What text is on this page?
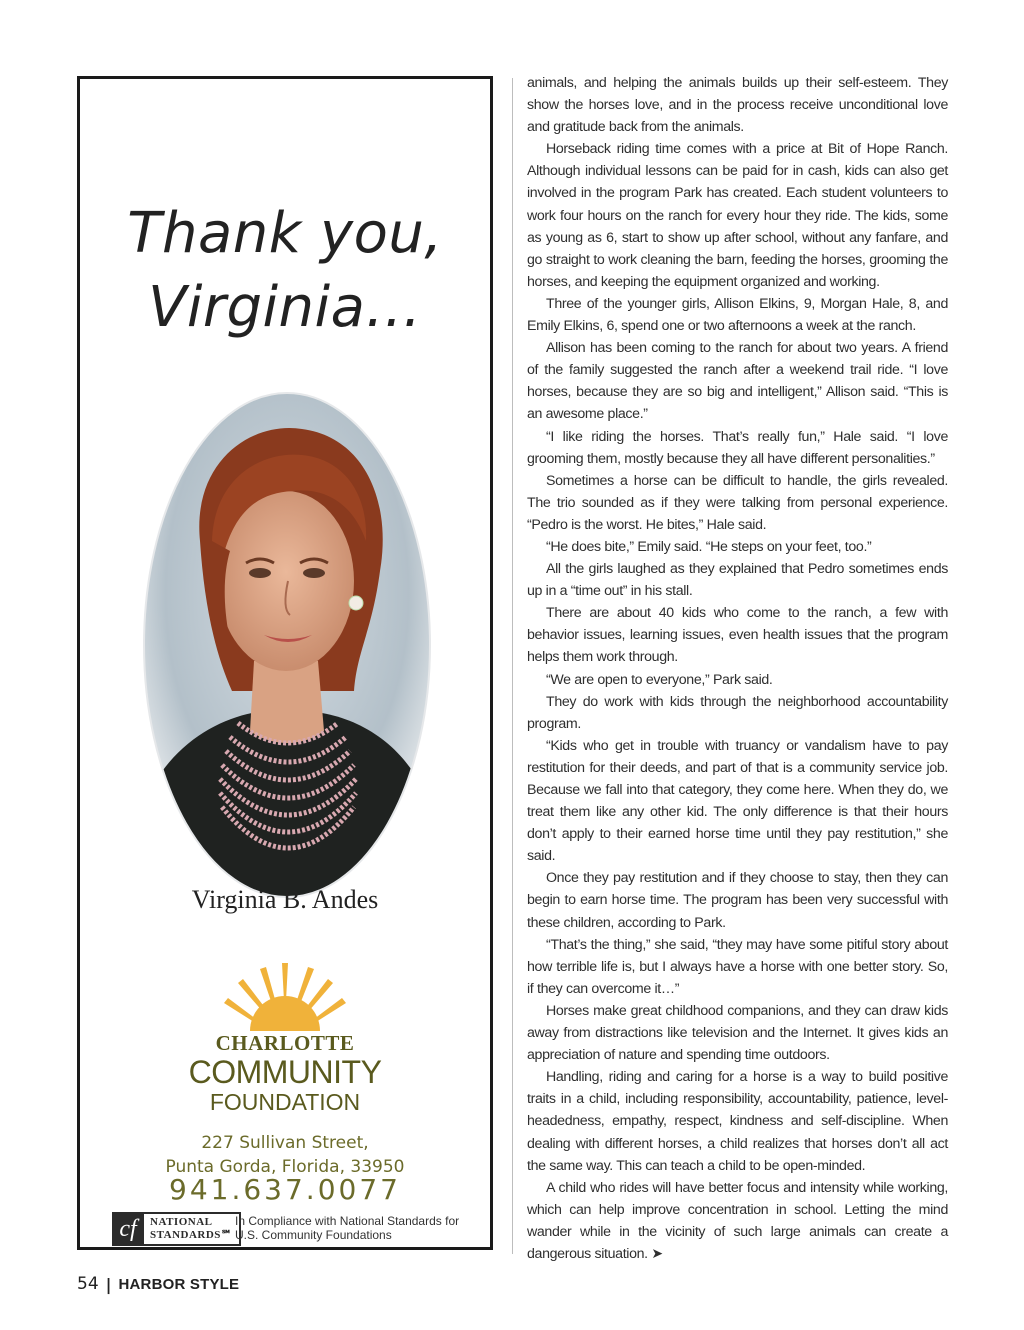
Thank you,
Virginia…
Virginia B. Andes
CHARLOTTE
COMMUNITY
FOUNDATION
227 Sullivan Street,
Punta Gorda, Florida, 33950
941.637.0077
cf	NATIONAL
STANDARDS℠
In Compliance with National Standards for
U.S. Community Foundations

animals, and helping the animals builds up their self-esteem. They show the horses love, and in the process receive unconditional love and gratitude back from the animals.

Horseback riding time comes with a price at Bit of Hope Ranch. Although individual lessons can be paid for in cash, kids can also get involved in the program Park has created. Each student volunteers to work four hours on the ranch for every hour they ride. The kids, some as young as 6, start to show up after school, without any fanfare, and go straight to work cleaning the barn, feeding the horses, grooming the horses, and keeping the equipment organized and working.

Three of the younger girls, Allison Elkins, 9, Morgan Hale, 8, and Emily Elkins, 6, spend one or two afternoons a week at the ranch.

Allison has been coming to the ranch for about two years. A friend of the family suggested the ranch after a weekend trail ride. “I love horses, because they are so big and intelligent,” Allison said. “This is an awesome place.”

“I like riding the horses. That’s really fun,” Hale said. “I love grooming them, mostly because they all have different personalities.”

Sometimes a horse can be difficult to handle, the girls revealed. The trio sounded as if they were talking from personal experience. “Pedro is the worst. He bites,” Hale said.

“He does bite,” Emily said. “He steps on your feet, too.”

All the girls laughed as they explained that Pedro sometimes ends up in a “time out” in his stall.

There are about 40 kids who come to the ranch, a few with behavior issues, learning issues, even health issues that the program helps them work through.

“We are open to everyone,” Park said.

They do work with kids through the neighborhood accountability program.

“Kids who get in trouble with truancy or vandalism have to pay restitution for their deeds, and part of that is a community service job. Because we fall into that category, they come here. When they do, we treat them like any other kid. The only difference is that their hours don’t apply to their earned horse time until they pay restitution,” she said.

Once they pay restitution and if they choose to stay, then they can begin to earn horse time. The program has been very successful with these children, according to Park.

“That’s the thing,” she said, “they may have some pitiful story about how terrible life is, but I always have a horse with one better story. So, if they can overcome it…”

Horses make great childhood companions, and they can draw kids away from distractions like television and the Internet. It gives kids an appreciation of nature and spending time outdoors.

Handling, riding and caring for a horse is a way to build positive traits in a child, including responsibility, accountability, patience, level-headedness, empathy, respect, kindness and self-discipline. When dealing with different horses, a child realizes that horses don’t all act the same way. This can teach a child to be open-minded.

A child who rides will have better focus and intensity while working, which can help improve concentration in school. Letting the mind wander while in the vicinity of such large animals can create a dangerous situation. ➤

54 | HARBOR STYLE
